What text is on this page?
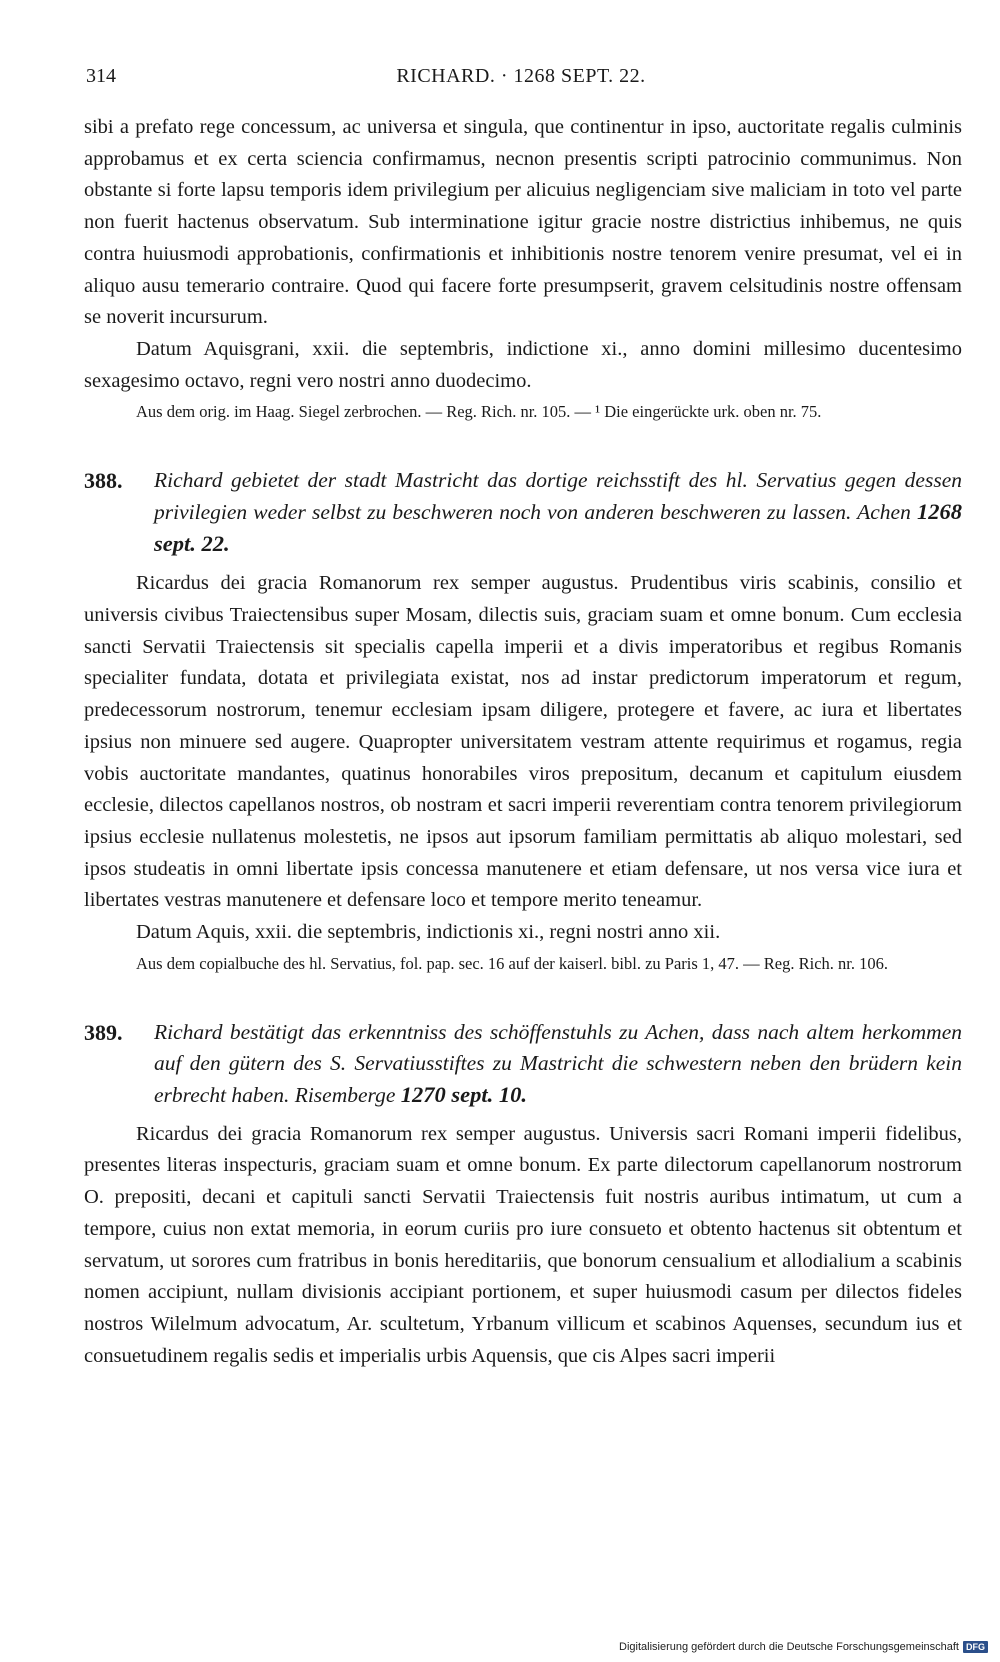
314	RICHARD. · 1268 SEPT. 22.

sibi a prefato rege concessum, ac universa et singula, que continentur in ipso, auctoritate regalis culminis approbamus et ex certa sciencia confirmamus, necnon presentis scripti patrocinio communimus. Non obstante si forte lapsu temporis idem privilegium per alicuius negligenciam sive maliciam in toto vel parte non fuerit hactenus observatum. Sub interminatione igitur gracie nostre districtius inhibemus, ne quis contra huiusmodi approbationis, confirmationis et inhibitionis nostre tenorem venire presumat, vel ei in aliquo ausu temerario contraire. Quod qui facere forte presumpserit, gravem celsitudinis nostre offensam se noverit incursurum.

Datum Aquisgrani, xxii. die septembris, indictione xi., anno domini millesimo ducentesimo sexagesimo octavo, regni vero nostri anno duodecimo.

Aus dem orig. im Haag. Siegel zerbrochen. — Reg. Rich. nr. 105. — ¹ Die eingerückte urk. oben nr. 75.
388. Richard gebietet der stadt Mastricht das dortige reichsstift des hl. Servatius gegen dessen privilegien weder selbst zu beschweren noch von anderen beschweren zu lassen. Achen 1268 sept. 22.

Ricardus dei gracia Romanorum rex semper augustus. Prudentibus viris scabinis, consilio et universis civibus Traiectensibus super Mosam, dilectis suis, graciam suam et omne bonum. Cum ecclesia sancti Servatii Traiectensis sit specialis capella imperii et a divis imperatoribus et regibus Romanis specialiter fundata, dotata et privilegiata existat, nos ad instar predictorum imperatorum et regum, predecessorum nostrorum, tenemur ecclesiam ipsam diligere, protegere et favere, ac iura et libertates ipsius non minuere sed augere. Quapropter universitatem vestram attente requirimus et rogamus, regia vobis auctoritate mandantes, quatinus honorabiles viros prepositum, decanum et capitulum eiusdem ecclesie, dilectos capellanos nostros, ob nostram et sacri imperii reverentiam contra tenorem privilegiorum ipsius ecclesie nullatenus molestetis, ne ipsos aut ipsorum familiam permittatis ab aliquo molestari, sed ipsos studeatis in omni libertate ipsis concessa manutenere et etiam defensare, ut nos versa vice iura et libertates vestras manutenere et defensare loco et tempore merito teneamur.

Datum Aquis, xxii. die septembris, indictionis xi., regni nostri anno xii.

Aus dem copialbuche des hl. Servatius, fol. pap. sec. 16 auf der kaiserl. bibl. zu Paris 1, 47. — Reg. Rich. nr. 106.
389. Richard bestätigt das erkenntniss des schöffenstuhls zu Achen, dass nach altem herkommen auf den gütern des S. Servatiusstiftes zu Mastricht die schwestern neben den brüdern kein erbrecht haben. Risemberge 1270 sept. 10.

Ricardus dei gracia Romanorum rex semper augustus. Universis sacri Romani imperii fidelibus, presentes literas inspecturis, graciam suam et omne bonum. Ex parte dilectorum capellanorum nostrorum O. prepositi, decani et capituli sancti Servatii Traiectensis fuit nostris auribus intimatum, ut cum a tempore, cuius non extat memoria, in eorum curiis pro iure consueto et obtento hactenus sit obtentum et servatum, ut sorores cum fratribus in bonis hereditariis, que bonorum censualium et allodialium a scabinis nomen accipiunt, nullam divisionis accipiant portionem, et super huiusmodi casum per dilectos fideles nostros Wilelmum advocatum, Ar. scultetum, Yrbanum villicum et scabinos Aquenses, secundum ius et consuetudinem regalis sedis et imperialis urbis Aquensis, que cis Alpes sacri imperii

Digitalisierung gefördert durch die Deutsche Forschungsgemeinschaft DFG
